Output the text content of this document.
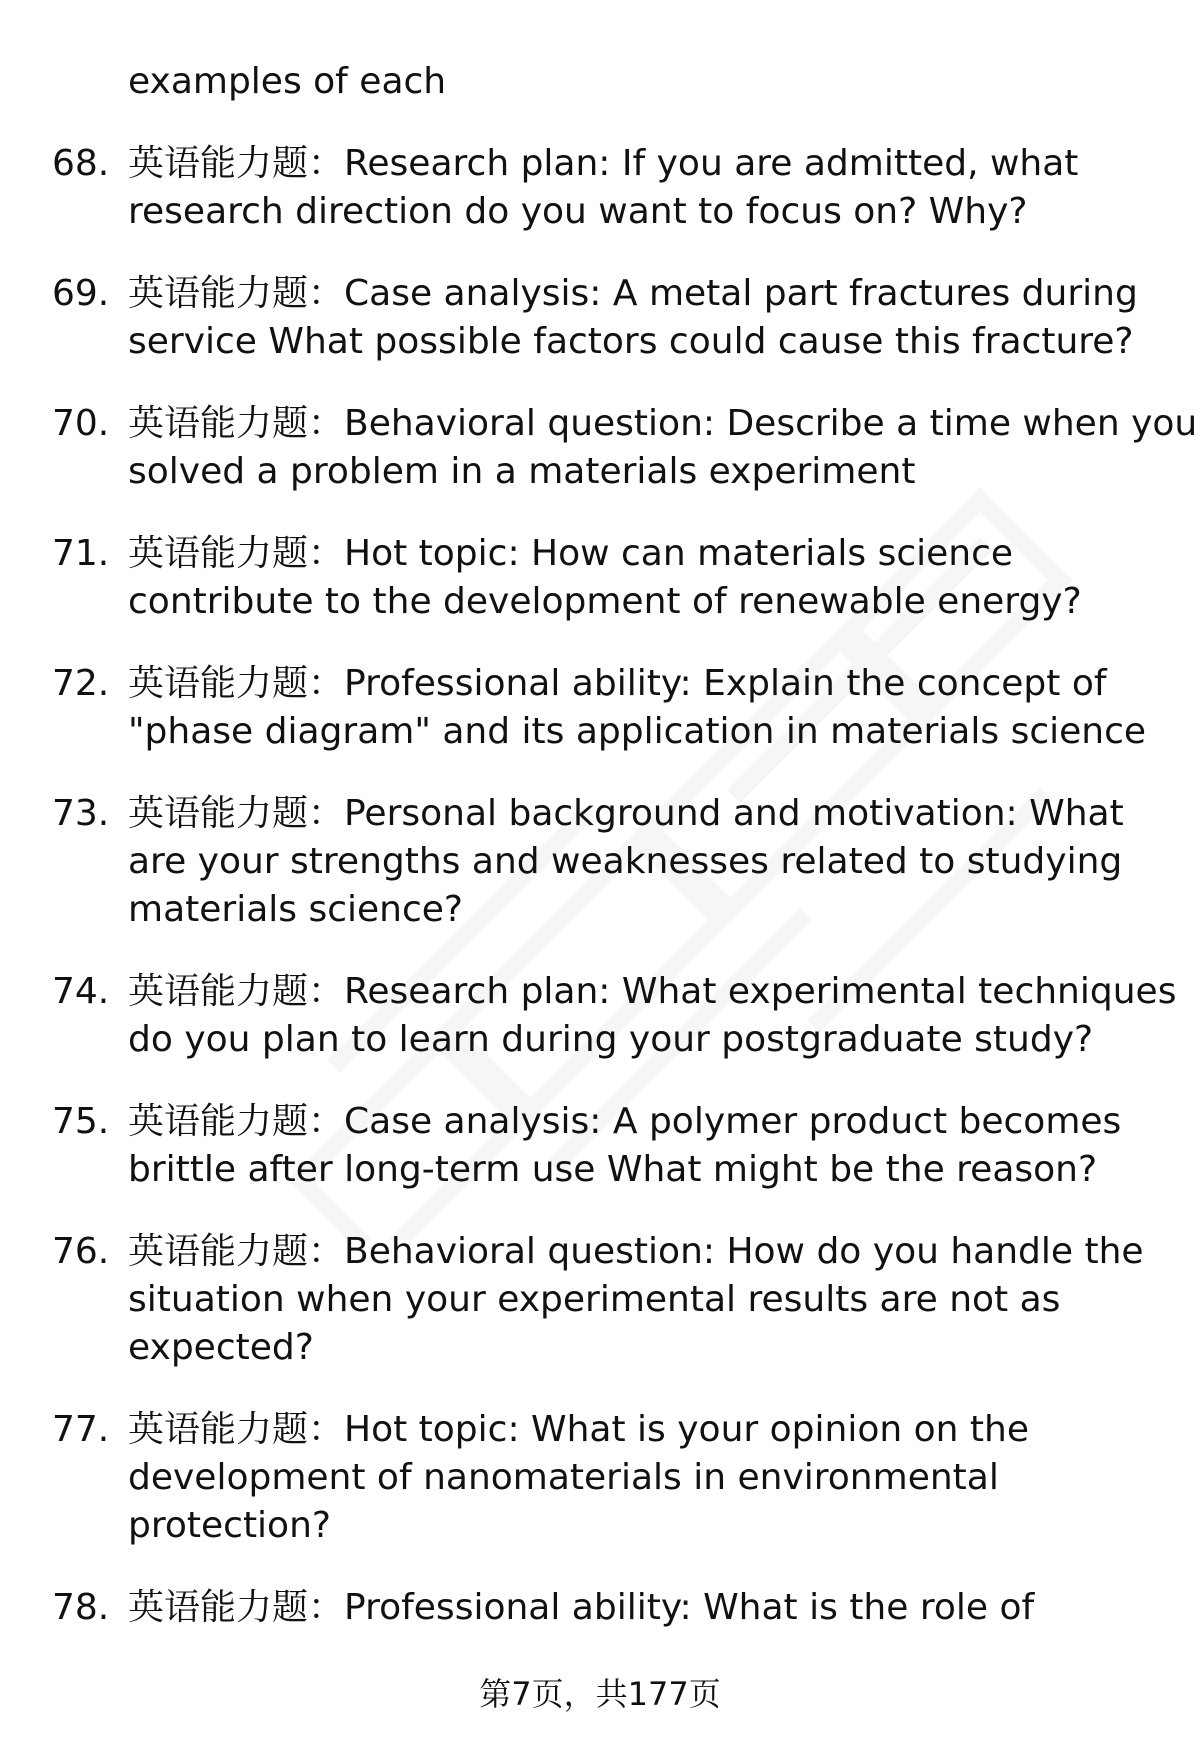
examples of each
68. 英语能力题：Research plan: If you are admitted, what
research direction do you want to focus on? Why?
69. 英语能力题：Case analysis: A metal part fractures during
service What possible factors could cause this fracture?
70. 英语能力题：Behavioral question: Describe a time when you
solved a problem in a materials experiment
71. 英语能力题：Hot topic: How can materials science
contribute to the development of renewable energy?
72. 英语能力题：Professional ability: Explain the concept of
"phase diagram" and its application in materials science
73. 英语能力题：Personal background and motivation: What
are your strengths and weaknesses related to studying
materials science?
74. 英语能力题：Research plan: What experimental techniques
do you plan to learn during your postgraduate study?
75. 英语能力题：Case analysis: A polymer product becomes
brittle after long-term use What might be the reason?
76. 英语能力题：Behavioral question: How do you handle the
situation when your experimental results are not as
expected?
77. 英语能力题：Hot topic: What is your opinion on the
development of nanomaterials in environmental
protection?
78. 英语能力题：Professional ability: What is the role of
第7页，共177页
